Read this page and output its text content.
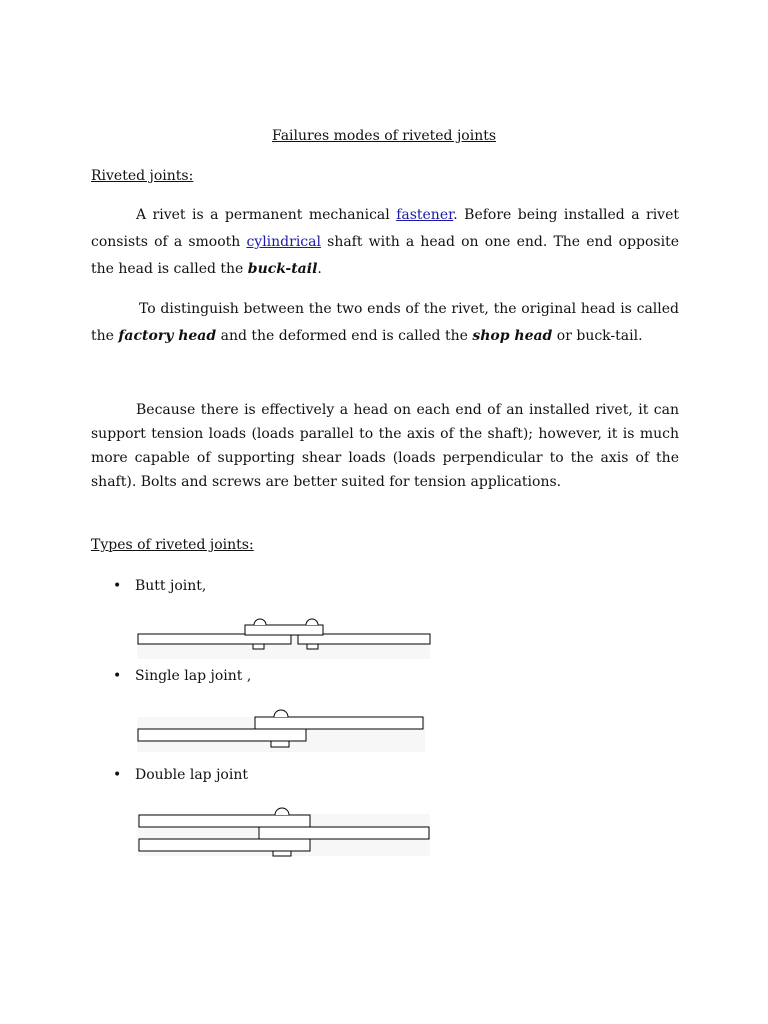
Failures modes of riveted joints
Riveted joints:

A rivet is a permanent mechanical fastener. Before being installed a rivet consists of a smooth cylindrical shaft with a head on one end. The end opposite the head is called the buck-tail.

To distinguish between the two ends of the rivet, the original head is called the factory head and the deformed end is called the shop head or buck-tail.

Because there is effectively a head on each end of an installed rivet, it can support tension loads (loads parallel to the axis of the shaft); however, it is much more capable of supporting shear loads (loads perpendicular to the axis of the shaft). Bolts and screws are better suited for tension applications.

Types of riveted joints:
• Butt joint,
• Single lap joint ,
• Double lap joint
